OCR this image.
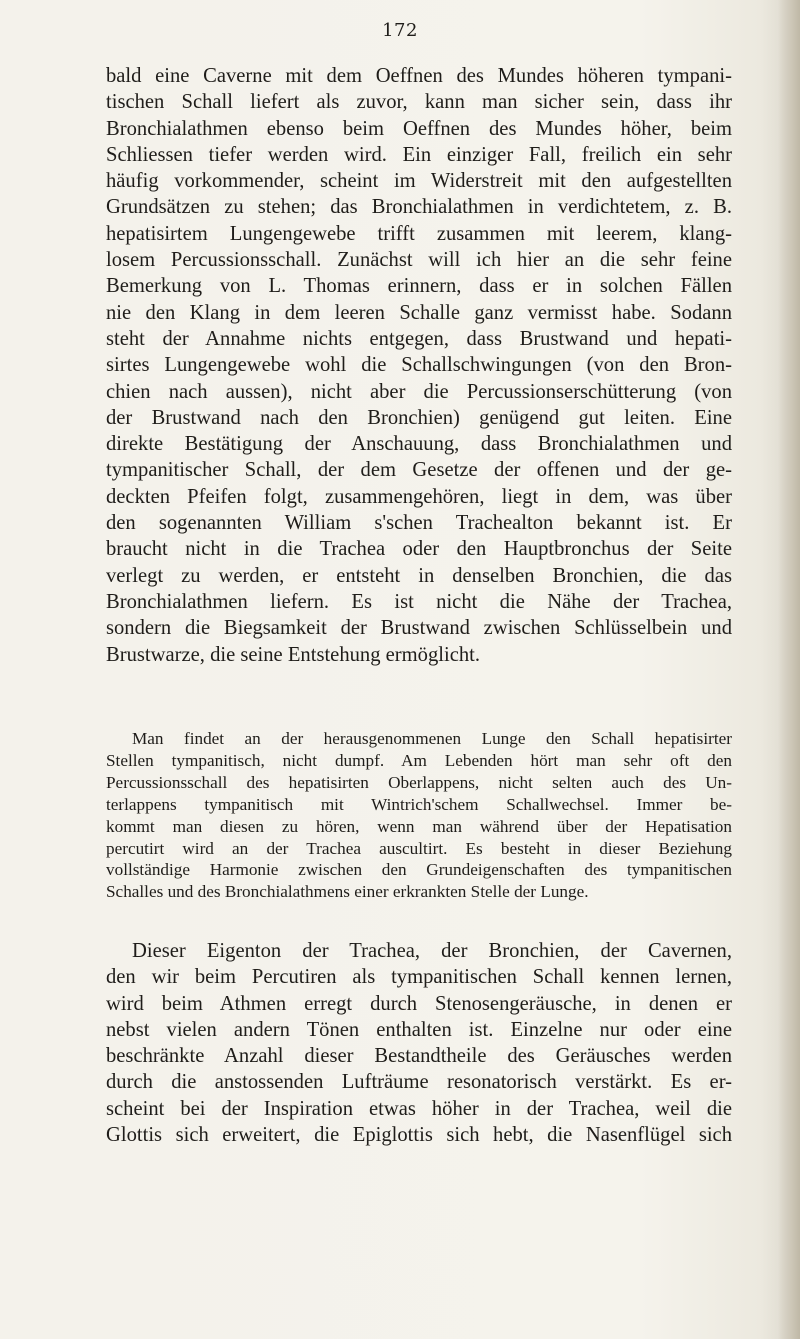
172
bald eine Caverne mit dem Oeffnen des Mundes höheren tympani-
tischen Schall liefert als zuvor, kann man sicher sein, dass ihr
Bronchialathmen ebenso beim Oeffnen des Mundes höher, beim
Schliessen tiefer werden wird. Ein einziger Fall, freilich ein sehr
häufig vorkommender, scheint im Widerstreit mit den aufgestellten
Grundsätzen zu stehen; das Bronchialathmen in verdichtetem, z. B.
hepatisirtem Lungengewebe trifft zusammen mit leerem, klang-
losem Percussionsschall. Zunächst will ich hier an die sehr feine
Bemerkung von L. Thomas erinnern, dass er in solchen Fällen
nie den Klang in dem leeren Schalle ganz vermisst habe. Sodann
steht der Annahme nichts entgegen, dass Brustwand und hepati-
sirtes Lungengewebe wohl die Schallschwingungen (von den Bron-
chien nach aussen), nicht aber die Percussionserschütterung (von
der Brustwand nach den Bronchien) genügend gut leiten. Eine
direkte Bestätigung der Anschauung, dass Bronchialathmen und
tympanitischer Schall, der dem Gesetze der offenen und der ge-
deckten Pfeifen folgt, zusammengehören, liegt in dem, was über
den sogenannten William s'schen Trachealton bekannt ist. Er
braucht nicht in die Trachea oder den Hauptbronchus der Seite
verlegt zu werden, er entsteht in denselben Bronchien, die das
Bronchialathmen liefern. Es ist nicht die Nähe der Trachea,
sondern die Biegsamkeit der Brustwand zwischen Schlüsselbein und
Brustwarze, die seine Entstehung ermöglicht.
Man findet an der herausgenommenen Lunge den Schall hepatisirter
Stellen tympanitisch, nicht dumpf. Am Lebenden hört man sehr oft den
Percussionsschall des hepatisirten Oberlappens, nicht selten auch des Un-
terlappens tympanitisch mit Wintrich'schem Schallwechsel. Immer be-
kommt man diesen zu hören, wenn man während über der Hepatisation
percutirt wird an der Trachea auscultirt. Es besteht in dieser Beziehung
vollständige Harmonie zwischen den Grundeigenschaften des tympanitischen
Schalles und des Bronchialathmens einer erkrankten Stelle der Lunge.
Dieser Eigenton der Trachea, der Bronchien, der Cavernen,
den wir beim Percutiren als tympanitischen Schall kennen lernen,
wird beim Athmen erregt durch Stenosengeräusche, in denen er
nebst vielen andern Tönen enthalten ist. Einzelne nur oder eine
beschränkte Anzahl dieser Bestandtheile des Geräusches werden
durch die anstossenden Lufträume resonatorisch verstärkt. Es er-
scheint bei der Inspiration etwas höher in der Trachea, weil die
Glottis sich erweitert, die Epiglottis sich hebt, die Nasenflügel sich
